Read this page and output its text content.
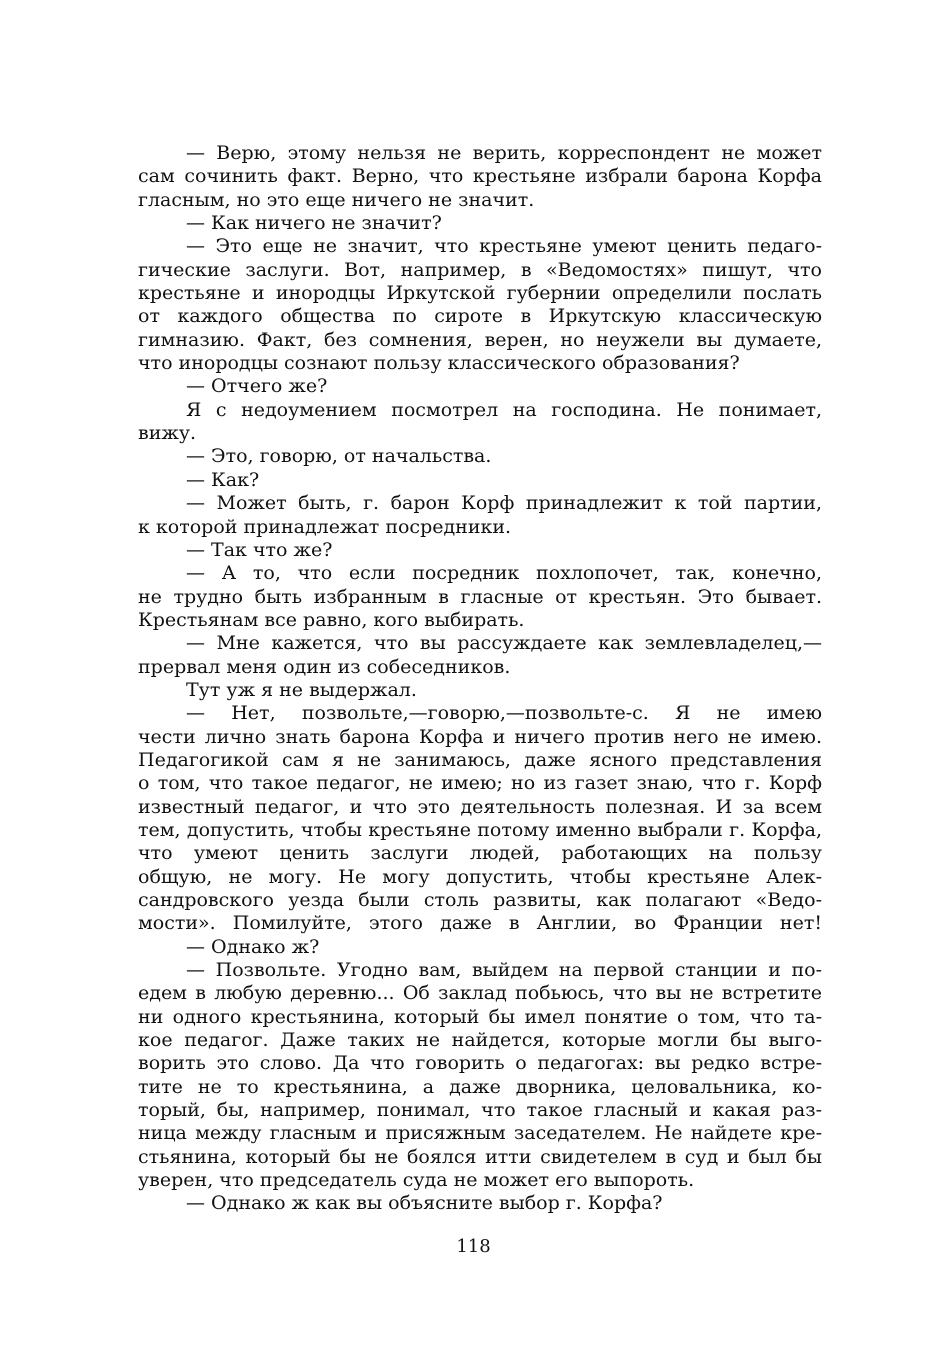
— Верю, этому нельзя не верить, корреспондент не может
сам сочинить факт. Верно, что крестьяне избрали барона Корфа
гласным, но это еще ничего не значит.
— Как ничего не значит?
— Это еще не значит, что крестьяне умеют ценить педаго-
гические заслуги. Вот, например, в «Ведомостях» пишут, что
крестьяне и инородцы Иркутской губернии определили послать
от каждого общества по сироте в Иркутскую классическую
гимназию. Факт, без сомнения, верен, но неужели вы думаете,
что инородцы сознают пользу классического образования?
— Отчего же?
Я с недоумением посмотрел на господина. Не понимает,
вижу.
— Это, говорю, от начальства.
— Как?
— Может быть, г. барон Корф принадлежит к той партии,
к которой принадлежат посредники.
— Так что же?
— А то, что если посредник похлопочет, так, конечно,
не трудно быть избранным в гласные от крестьян. Это бывает.
Крестьянам все равно, кого выбирать.
— Мне кажется, что вы рассуждаете как землевладелец,—
прервал меня один из собеседников.
Тут уж я не выдержал.
— Нет, позвольте,—говорю,—позвольте-с. Я не имею
чести лично знать барона Корфа и ничего против него не имею.
Педагогикой сам я не занимаюсь, даже ясного представления
о том, что такое педагог, не имею; но из газет знаю, что г. Корф
известный педагог, и что это деятельность полезная. И за всем
тем, допустить, чтобы крестьяне потому именно выбрали г. Корфа,
что умеют ценить заслуги людей, работающих на пользу
общую, не могу. Не могу допустить, чтобы крестьяне Алек-
сандровского уезда были столь развиты, как полагают «Ведо-
мости». Помилуйте, этого даже в Англии, во Франции нет!
— Однако ж?
— Позвольте. Угодно вам, выйдем на первой станции и по-
едем в любую деревню... Об заклад побьюсь, что вы не встретите
ни одного крестьянина, который бы имел понятие о том, что та-
кое педагог. Даже таких не найдется, которые могли бы выго-
ворить это слово. Да что говорить о педагогах: вы редко встре-
тите не то крестьянина, а даже дворника, целовальника, ко-
торый, бы, например, понимал, что такое гласный и какая раз-
ница между гласным и присяжным заседателем. Не найдете кре-
стьянина, который бы не боялся итти свидетелем в суд и был бы
уверен, что председатель суда не может его выпороть.
— Однако ж как вы объясните выбор г. Корфа?
118
